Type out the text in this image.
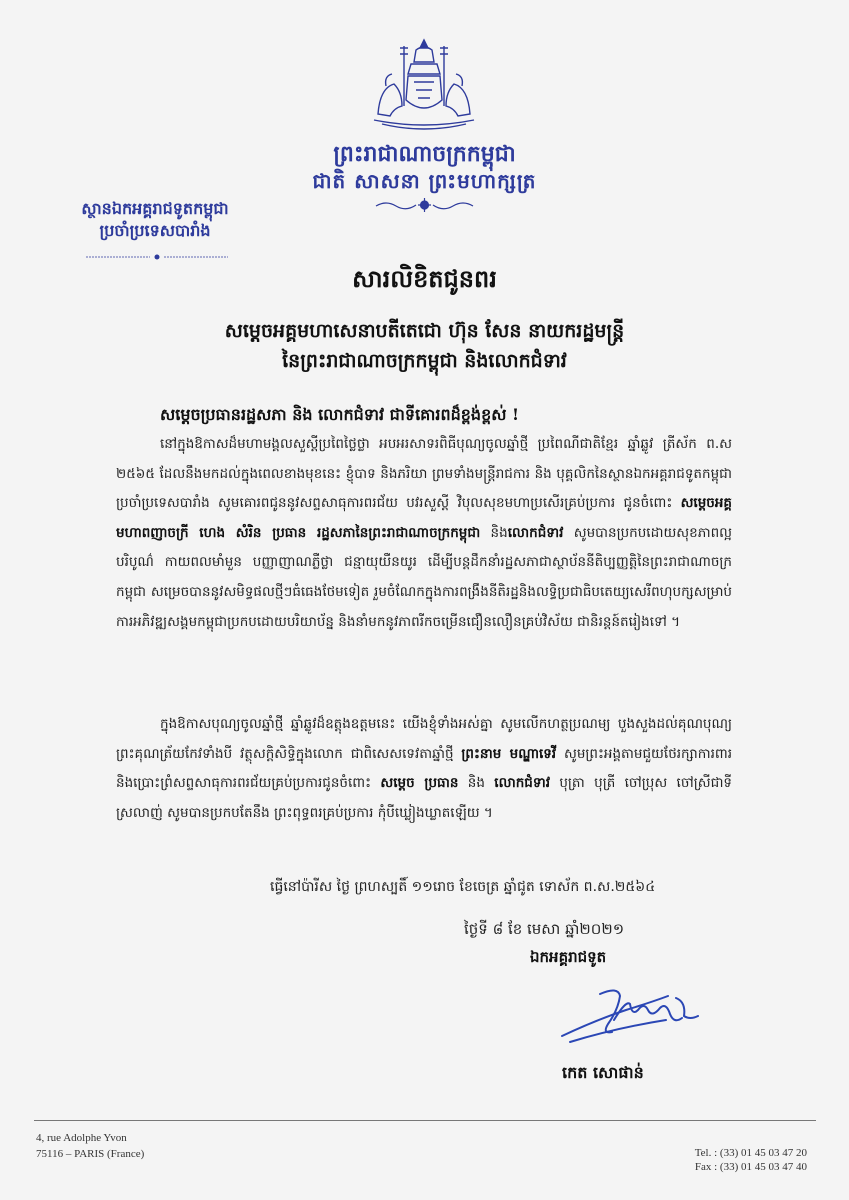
ព្រះរាជាណាចក្រកម្ពុជា
ជាតិ សាសនា ព្រះមហាក្សត្រ
ស្ថានឯកអគ្គរាជទូតកម្ពុជា
ប្រចាំប្រទេសបារាំង
សារលិខិតជូនពរ
សម្តេចអគ្គមហាសេនាបតីតេជោ ហ៊ុន សែន នាយករដ្ឋមន្ត្រី
នៃព្រះរាជាណាចក្រកម្ពុជា និងលោកជំទាវ
សម្តេចប្រធានរដ្ឋសភា និង លោកជំទាវ ជាទីគោរពដ៏ខ្ពង់ខ្ពស់ !

នៅក្នុងឱកាសដ៏មហាមង្គលសួស្តីប្រពៃថ្លៃថ្លា អបអរសាទរពិធីបុណ្យចូលឆ្នាំថ្មី ប្រពៃណីជាតិខ្មែរ ឆ្នាំឆ្លូវ ត្រីស័ក ព.ស ២៥៦៥ ដែលនឹងមកដល់ក្នុងពេលខាងមុខនេះ ខ្ញុំបាទ និងភរិយា ព្រមទាំងមន្ត្រីរាជការ និង បុគ្គលិកនៃស្ថានឯកអគ្គរាជទូតកម្ពុជាប្រចាំប្រទេសបារាំង សូមគោរពជូននូវសព្ទសាធុការពរជ័យ បវរសួស្តី វិបុលសុខមហាប្រសើរគ្រប់ប្រការ ជូនចំពោះ សម្តេចអគ្គមហាពញាចក្រី ហេង សំរិន ប្រធាន រដ្ឋសភានៃព្រះរាជាណាចក្រកម្ពុជា និងលោកជំទាវ សូមបានប្រកបដោយសុខភាពល្អបរិបូណ៌ កាយពលមាំមួន បញ្ញាញាណភ្លឺថ្លា ជន្មាយុយឺនយូរ ដើម្បីបន្តដឹកនាំរដ្ឋសភាជាស្ថាប័ននីតិប្បញ្ញត្តិនៃព្រះរាជាណាចក្រកម្ពុជា សម្រេចបាននូវសមិទ្ធផលថ្មីៗធំធេងថែមទៀត រួមចំណែកក្នុងការពង្រឹងនីតិរដ្ឋនិងលទ្ធិប្រជាធិបតេយ្យសេរីពហុបក្សសម្រាប់ការអភិវឌ្ឍសង្គមកម្ពុជាប្រកបដោយបរិយាប័ន្ន និងនាំមកនូវភាពរីកចម្រើនជឿនលឿនគ្រប់វិស័យ ជានិរន្តន៍តរៀងទៅ ។

ក្នុងឱកាសបុណ្យចូលឆ្នាំថ្មី ឆ្នាំឆ្លូវដ៏ឧត្តុងឧត្តមនេះ យើងខ្ញុំទាំងអស់គ្នា សូមលើកហត្ថប្រណម្យ បួងសួងដល់គុណបុណ្យព្រះគុណត្រ័យកែវទាំងបី វត្ថុសក្តិសិទ្ធិក្នុងលោក ជាពិសេសទេវតាឆ្នាំថ្មី ព្រះនាម មណ្ឌាទេវី សូមព្រះអង្គតាមជួយថែរក្សាការពារ និងប្រោះព្រំសព្ទសាធុការពរជ័យគ្រប់ប្រការជូនចំពោះ សម្តេច ប្រធាន និង លោកជំទាវ បុត្រា បុត្រី ចៅប្រុស ចៅស្រីជាទីស្រលាញ់ សូមបានប្រកបតែនឹង ព្រះពុទ្ធពរគ្រប់ប្រការ កុំបីឃ្លៀងឃ្លាតឡើយ ។

ធ្វើនៅប៉ារីស ថ្ងៃ ព្រហស្បតិ៍ ១១រោច ខែចេត្រ ឆ្នាំជូត ទោស័ក ព.ស.២៥៦៤
ថ្ងៃទី ៨ ខែ មេសា ឆ្នាំ២០២១
ឯកអគ្គរាជទូត
កេត សោផាន់
4, rue Adolphe Yvon
75116 – PARIS (France)	Tel. : (33) 01 45 03 47 20
Fax : (33) 01 45 03 47 40
